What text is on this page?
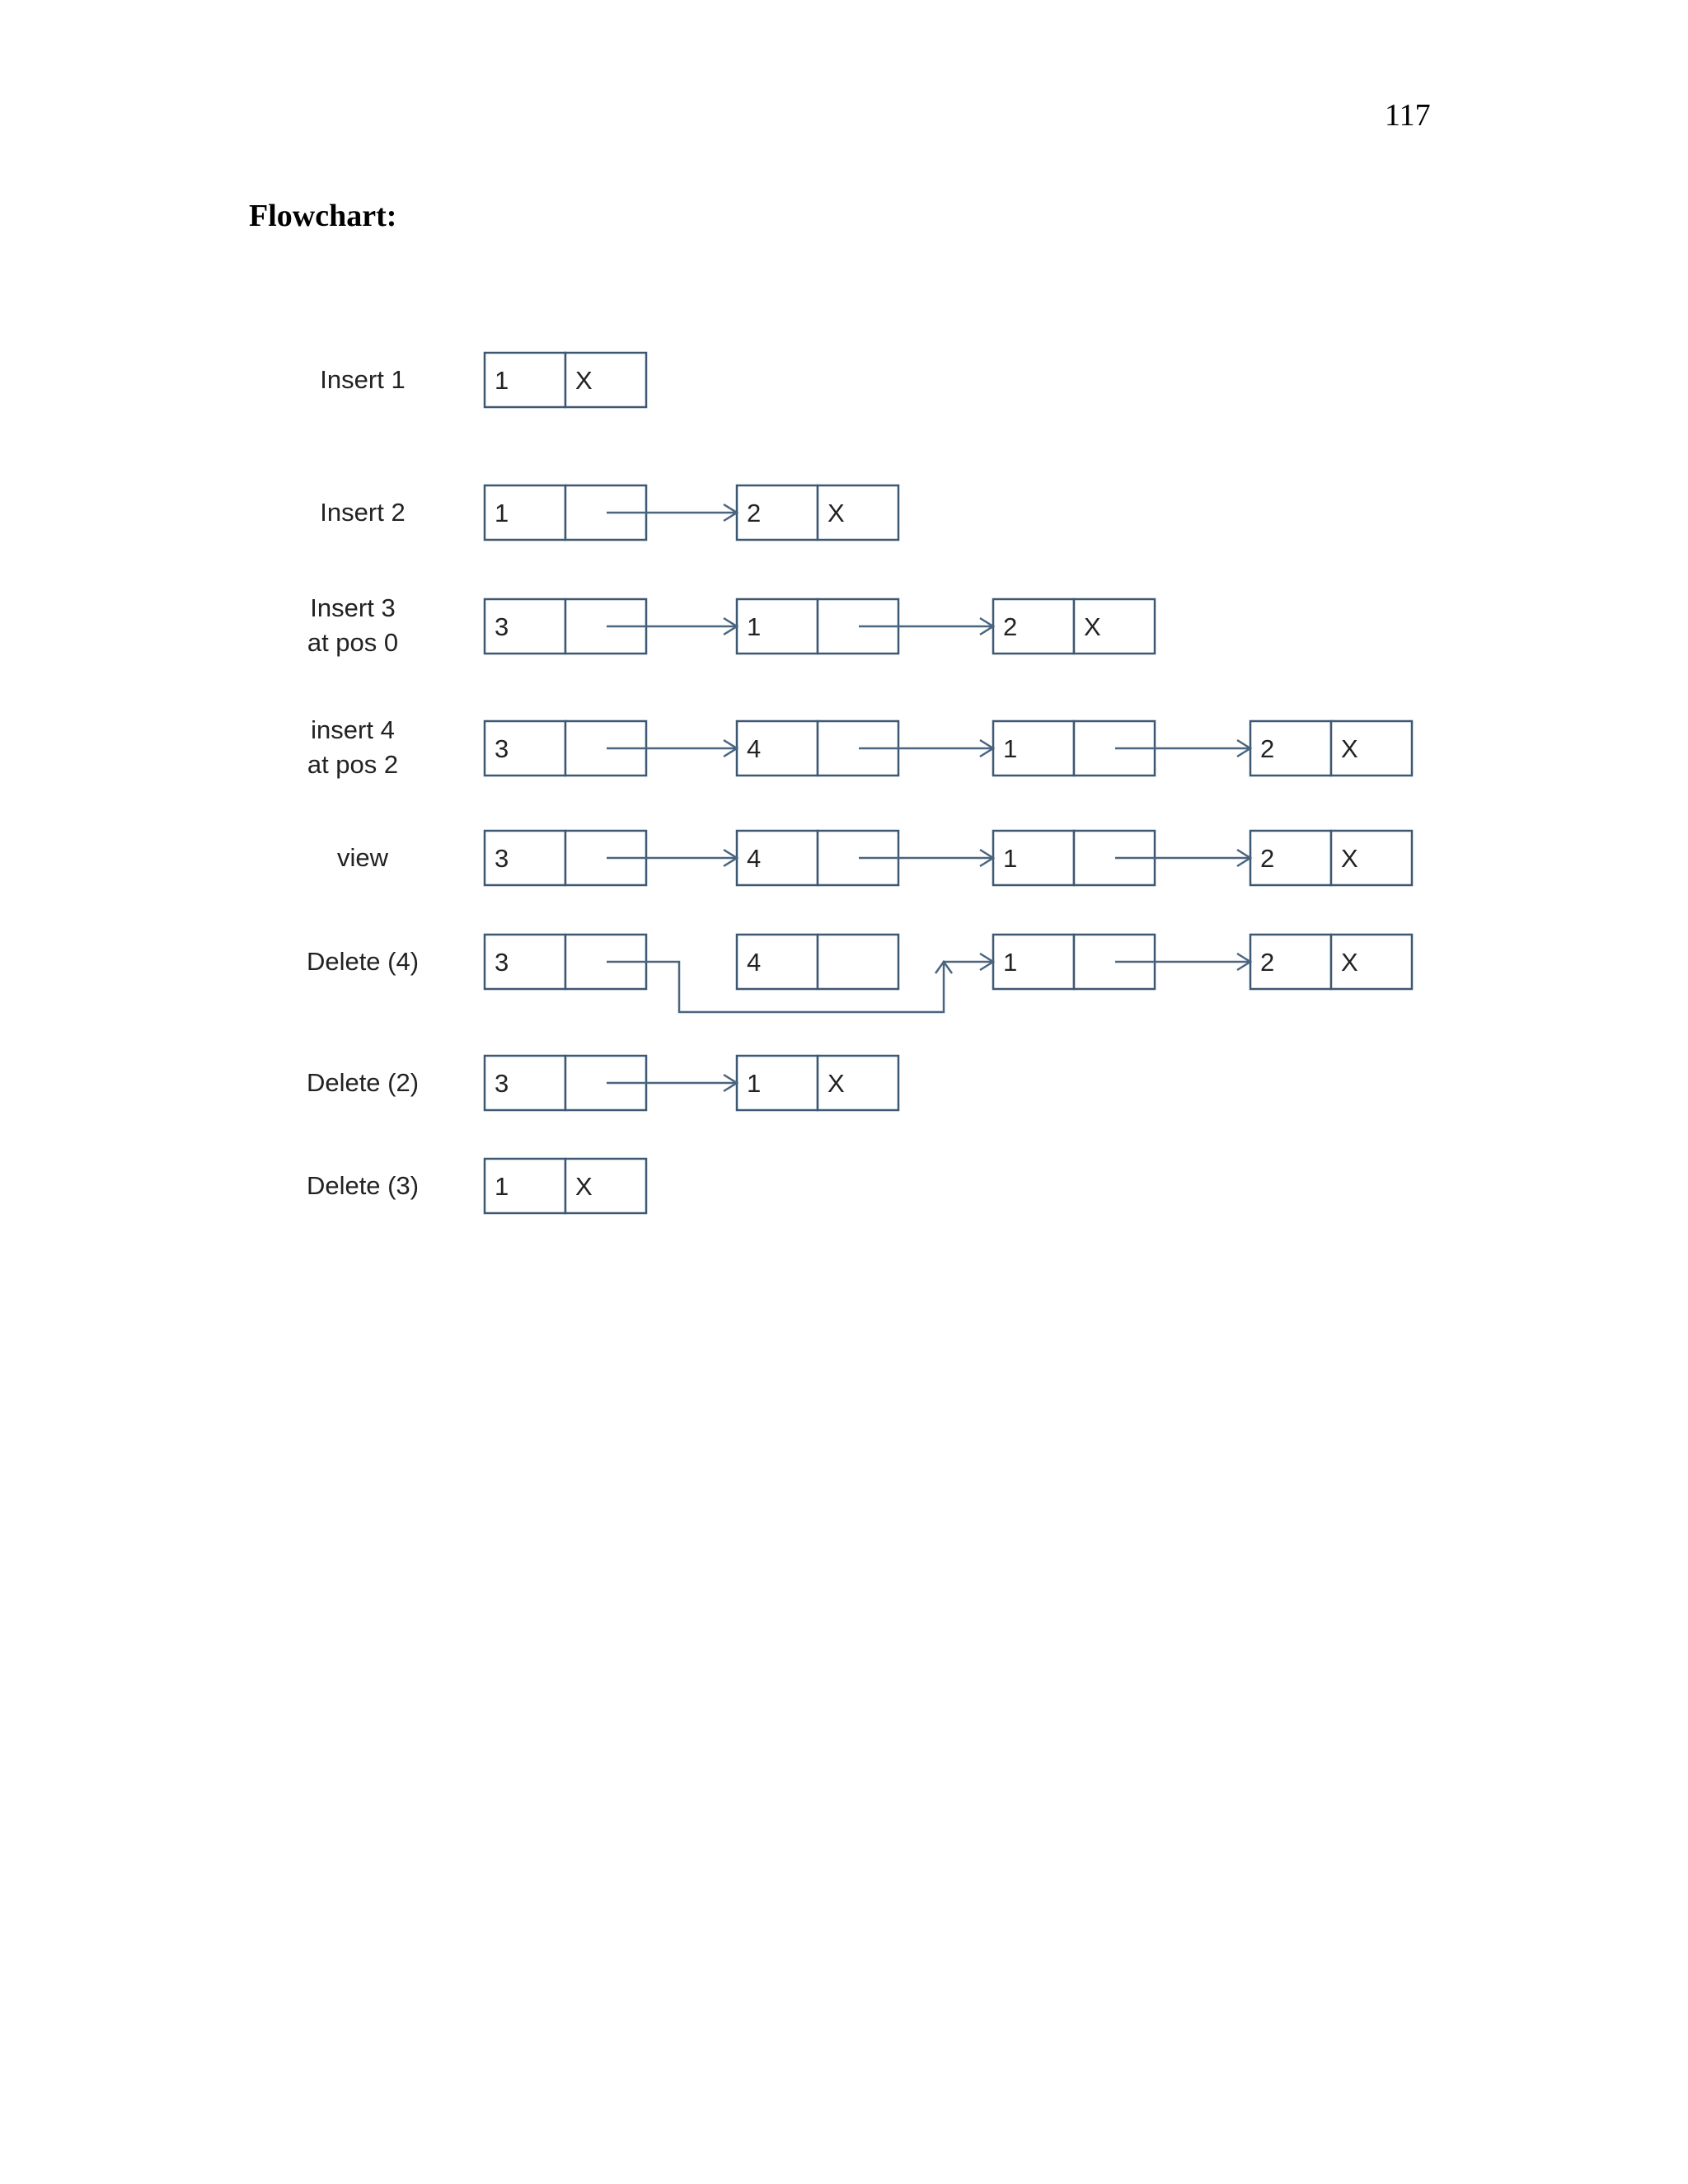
117
Flowchart:
Insert 1	1	X
Insert 2	1	2	X
Insert 3
at pos 0
3	1	2	X
insert 4
at pos 2
3	4	1	2	X
view	3	4	1	2	X
Delete (4)	3	4	1	2	X
Delete (2)	3	1	X
Delete (3)	1	X
